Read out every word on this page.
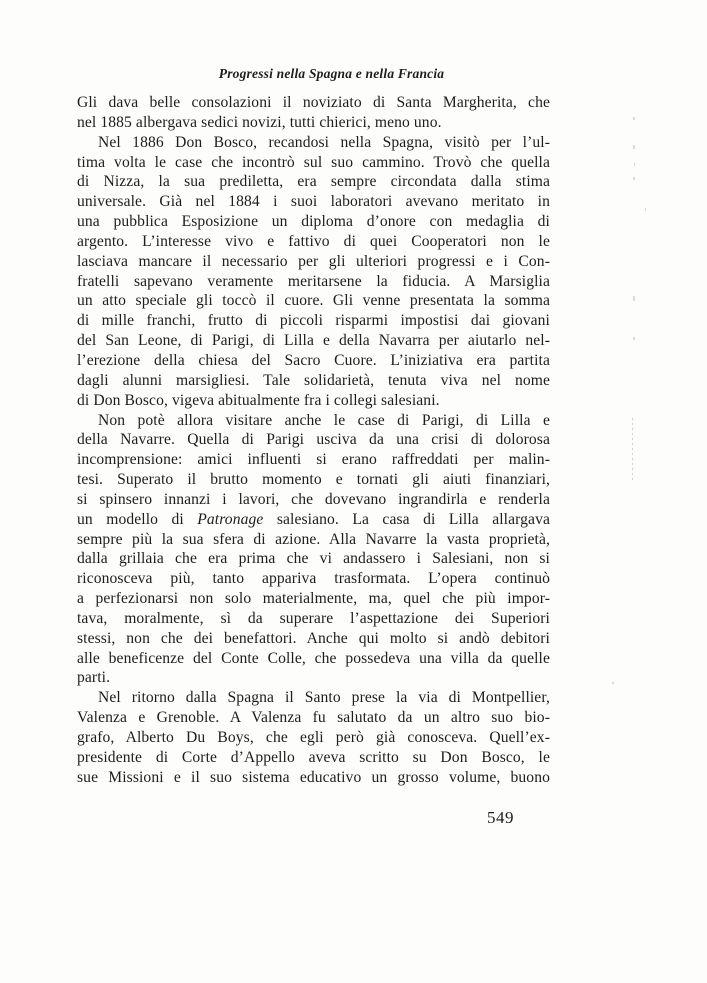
Progressi nella Spagna e nella Francia
Gli dava belle consolazioni il noviziato di Santa Margherita, che
nel 1885 albergava sedici novizi, tutti chierici, meno uno.
Nel 1886 Don Bosco, recandosi nella Spagna, visitò per l’ul-
tima volta le case che incontrò sul suo cammino. Trovò che quella
di Nizza, la sua prediletta, era sempre circondata dalla stima
universale. Già nel 1884 i suoi laboratori avevano meritato in
una pubblica Esposizione un diploma d’onore con medaglia di
argento. L’interesse vivo e fattivo di quei Cooperatori non le
lasciava mancare il necessario per gli ulteriori progressi e i Con-
fratelli sapevano veramente meritarsene la fiducia. A Marsiglia
un atto speciale gli toccò il cuore. Gli venne presentata la somma
di mille franchi, frutto di piccoli risparmi impostisi dai giovani
del San Leone, di Parigi, di Lilla e della Navarra per aiutarlo nel-
l’erezione della chiesa del Sacro Cuore. L’iniziativa era partita
dagli alunni marsigliesi. Tale solidarietà, tenuta viva nel nome
di Don Bosco, vigeva abitualmente fra i collegi salesiani.
Non potè allora visitare anche le case di Parigi, di Lilla e
della Navarre. Quella di Parigi usciva da una crisi di dolorosa
incomprensione: amici influenti si erano raffreddati per malin-
tesi. Superato il brutto momento e tornati gli aiuti finanziari,
si spinsero innanzi i lavori, che dovevano ingrandirla e renderla
un modello di Patronage salesiano. La casa di Lilla allargava
sempre più la sua sfera di azione. Alla Navarre la vasta proprietà,
dalla grillaia che era prima che vi andassero i Salesiani, non si
riconosceva più, tanto appariva trasformata. L’opera continuò
a perfezionarsi non solo materialmente, ma, quel che più impor-
tava, moralmente, sì da superare l’aspettazione dei Superiori
stessi, non che dei benefattori. Anche qui molto si andò debitori
alle beneficenze del Conte Colle, che possedeva una villa da quelle
parti.
Nel ritorno dalla Spagna il Santo prese la via di Montpellier,
Valenza e Grenoble. A Valenza fu salutato da un altro suo bio-
grafo, Alberto Du Boys, che egli però già conosceva. Quell’ex-
presidente di Corte d’Appello aveva scritto su Don Bosco, le
sue Missioni e il suo sistema educativo un grosso volume, buono
549
